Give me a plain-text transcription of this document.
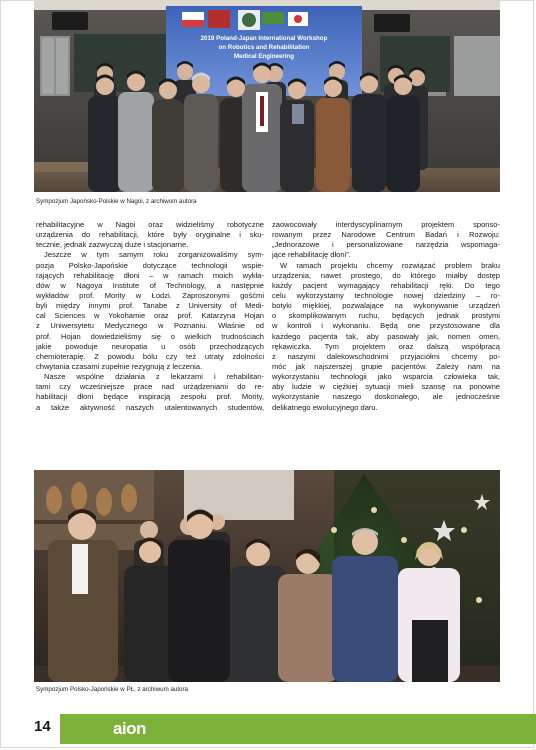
2019 Poland-Japan International Workshop
on Robotics and Rehabilitation
Medical Engineering
Sympozjum Japońsko-Polskie w Nagoi, z archiwum autora
rehabilitacyjne w Nagoi oraz widzieliśmy robotyczne
urządzenia do rehabilitacji, które były oryginalne i sku-
tecznie, jednak zazwyczaj duże i stacjonarne.
Jeszcze w tym samym roku zorganizowaliśmy sym-
pozja Polsko-Japońskie dotyczące technologii wspie-
rających rehabilitację dłoni – w ramach moich wykła-
dów w Nagoya Institute of Technology, a następnie
wykładów prof. Mority w Łodzi. Zaproszonymi gośćmi
byli między innymi prof. Tanabe z University of Medi-
cal Sciences w Yokohamie oraz prof. Katarzyna Hojan
z Uniwersytetu Medycznego w Poznaniu. Właśnie od
prof. Hojan dowiedzieliśmy się o wielkich trudnościach
jakie powoduje neuropatia u osób przechodzących
chemioterapię. Z powodu bólu czy też utraty zdolności
chwytania czasami zupełnie rezygnują z leczenia.
Nasze wspólne działania z lekarzami i rehabilitan-
tami czy wcześniejsze prace nad urządzeniami do re-
habilitacji dłoni będące inspiracją zespołu prof. Mority,
a także aktywność naszych utalentowanych studentów,
zaowocowały interdyscyplinarnym projektem sponso-
rowanym przez Narodowe Centrum Badań i Rozwoju:
„Jednorazowe i personalizowane narzędzia wspomaga-
jące rehabilitację dłoni”.
W ramach projektu chcemy rozwiązać problem braku
urządzenia, nawet prostego, do którego miałby dostęp
każdy pacjent wymagający rehabilitacji ręki. Do tego
celu wykorzystamy technologie nowej dziedziny – ro-
botyki miękkiej, pozwalające na wykonywanie urządzeń
o skomplikowanym ruchu, będących jednak prostymi
w kontroli i wykonaniu. Będą one przystosowane dla
każdego pacjenta tak, aby pasowały jak, nomen omen,
rękawiczka. Tym projektem oraz dalszą współpracą
z naszymi dalekowschodnimi przyjaciółmi chcemy po-
móc jak najszerszej grupie pacjentów. Zależy nam na
wykorzystaniu technologii jako wsparcia człowieka tak,
aby ludzie w ciężkiej sytuacji mieli szansę na ponowne
wykorzystanie naszego doskonałego, ale jednocześnie
delikatnego ewolucyjnego daru.
Sympozjum Polsko-Japońskie w PŁ, z archiwum autora
14	aion
